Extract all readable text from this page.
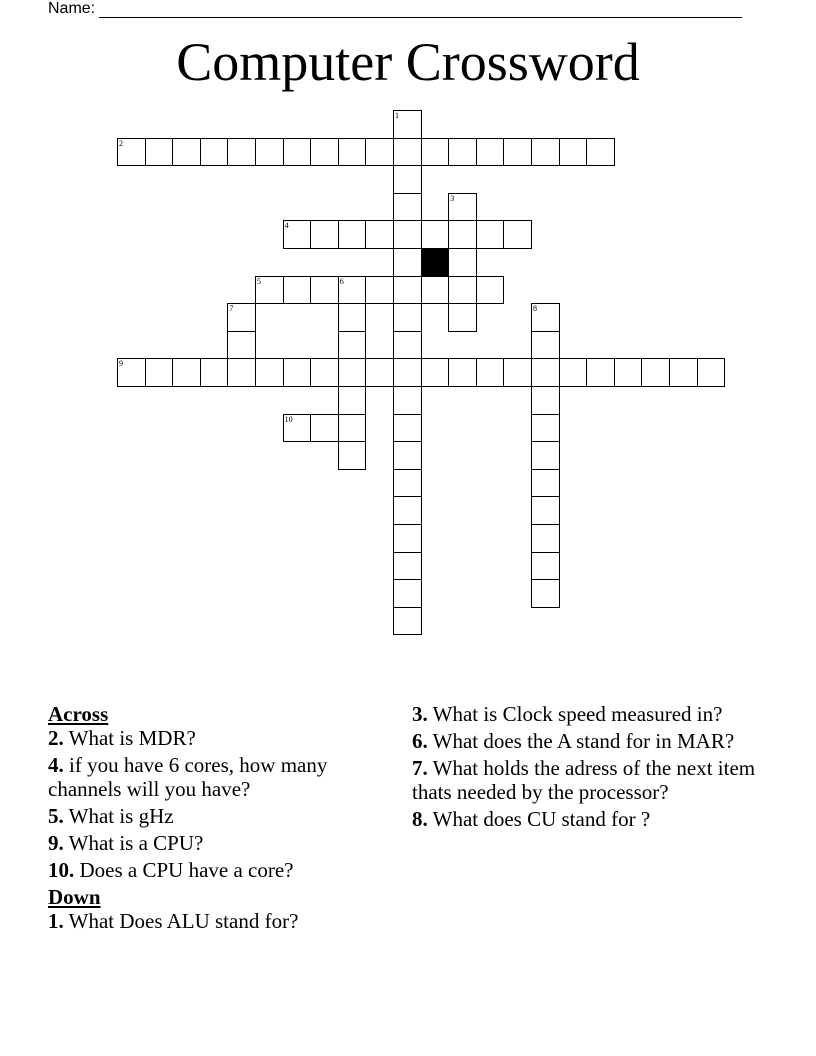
Name:
Computer Crossword
1
2
3
4
5	6
7	8
9
10
Across
2. What is MDR?
4. if you have 6 cores, how many channels will you have?
5. What is gHz
9. What is a CPU?
10. Does a CPU have a core?
Down
1. What Does ALU stand for?
3. What is Clock speed measured in?
6. What does the A stand for in MAR?
7. What holds the adress of the next item thats needed by the processor?
8. What does CU stand for ?
